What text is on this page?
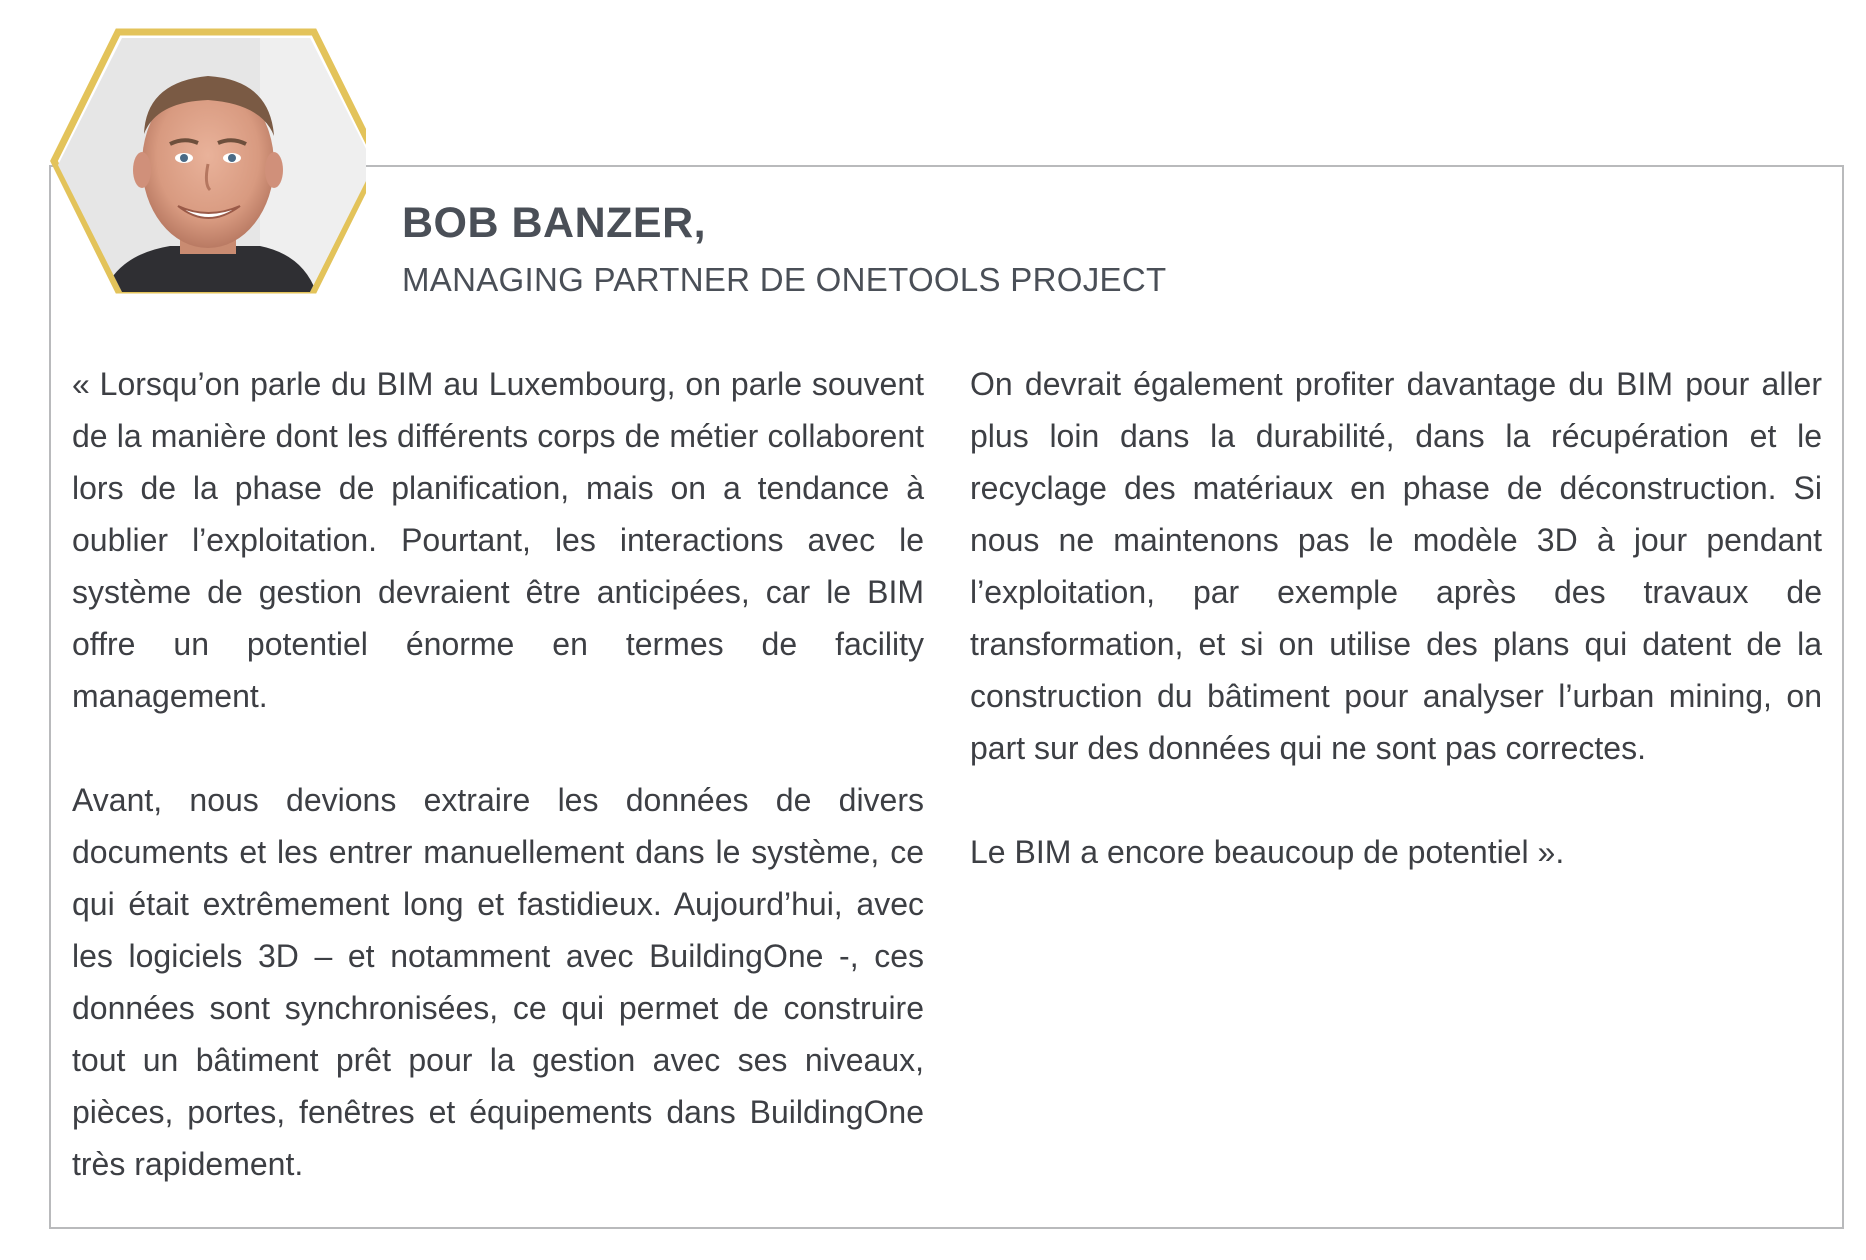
BOB BANZER,
MANAGING PARTNER DE ONETOOLS PROJECT

« Lorsqu’on parle du BIM au Luxembourg, on parle souvent de la manière dont les différents corps de métier collaborent lors de la phase de planification, mais on a tendance à oublier l’exploitation. Pourtant, les interactions avec le système de gestion devraient être anticipées, car le BIM offre un potentiel énorme en termes de facility management.

Avant, nous devions extraire les données de divers documents et les entrer manuellement dans le système, ce qui était extrêmement long et fastidieux. Aujourd’hui, avec les logiciels 3D – et notamment avec BuildingOne -, ces données sont synchronisées, ce qui permet de construire tout un bâtiment prêt pour la gestion avec ses niveaux, pièces, portes, fenêtres et équipements dans BuildingOne très rapidement.

On devrait également profiter davantage du BIM pour aller plus loin dans la durabilité, dans la récupération et le recyclage des matériaux en phase de déconstruction. Si nous ne maintenons pas le modèle 3D à jour pendant l’exploitation, par exemple après des travaux de transformation, et si on utilise des plans qui datent de la construction du bâtiment pour analyser l’urban mining, on part sur des données qui ne sont pas correctes.

Le BIM a encore beaucoup de potentiel ».
